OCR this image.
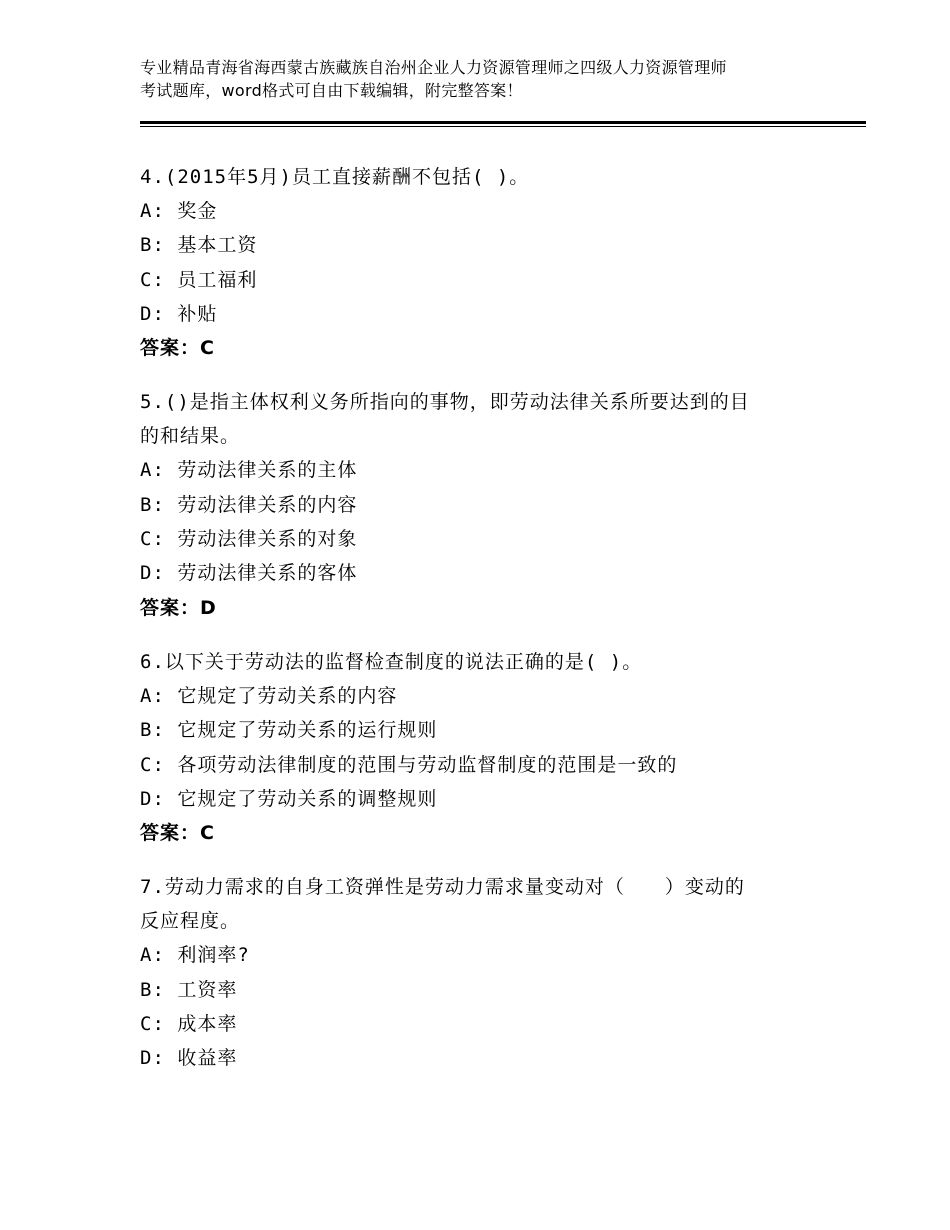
专业精品青海省海西蒙古族藏族自治州企业人力资源管理师之四级人力资源管理师
考试题库，word格式可自由下载编辑，附完整答案！
4.(2015年5月)员工直接薪酬不包括( )。
A: 奖金
B: 基本工资
C: 员工福利
D: 补贴
答案：C
5.()是指主体权利义务所指向的事物，即劳动法律关系所要达到的目
的和结果。
A: 劳动法律关系的主体
B: 劳动法律关系的内容
C: 劳动法律关系的对象
D: 劳动法律关系的客体
答案：D
6.以下关于劳动法的监督检查制度的说法正确的是( )。
A: 它规定了劳动关系的内容
B: 它规定了劳动关系的运行规则
C: 各项劳动法律制度的范围与劳动监督制度的范围是一致的
D: 它规定了劳动关系的调整规则
答案：C
7.劳动力需求的自身工资弹性是劳动力需求量变动对（　　）变动的
反应程度。
A: 利润率?
B: 工资率
C: 成本率
D: 收益率
